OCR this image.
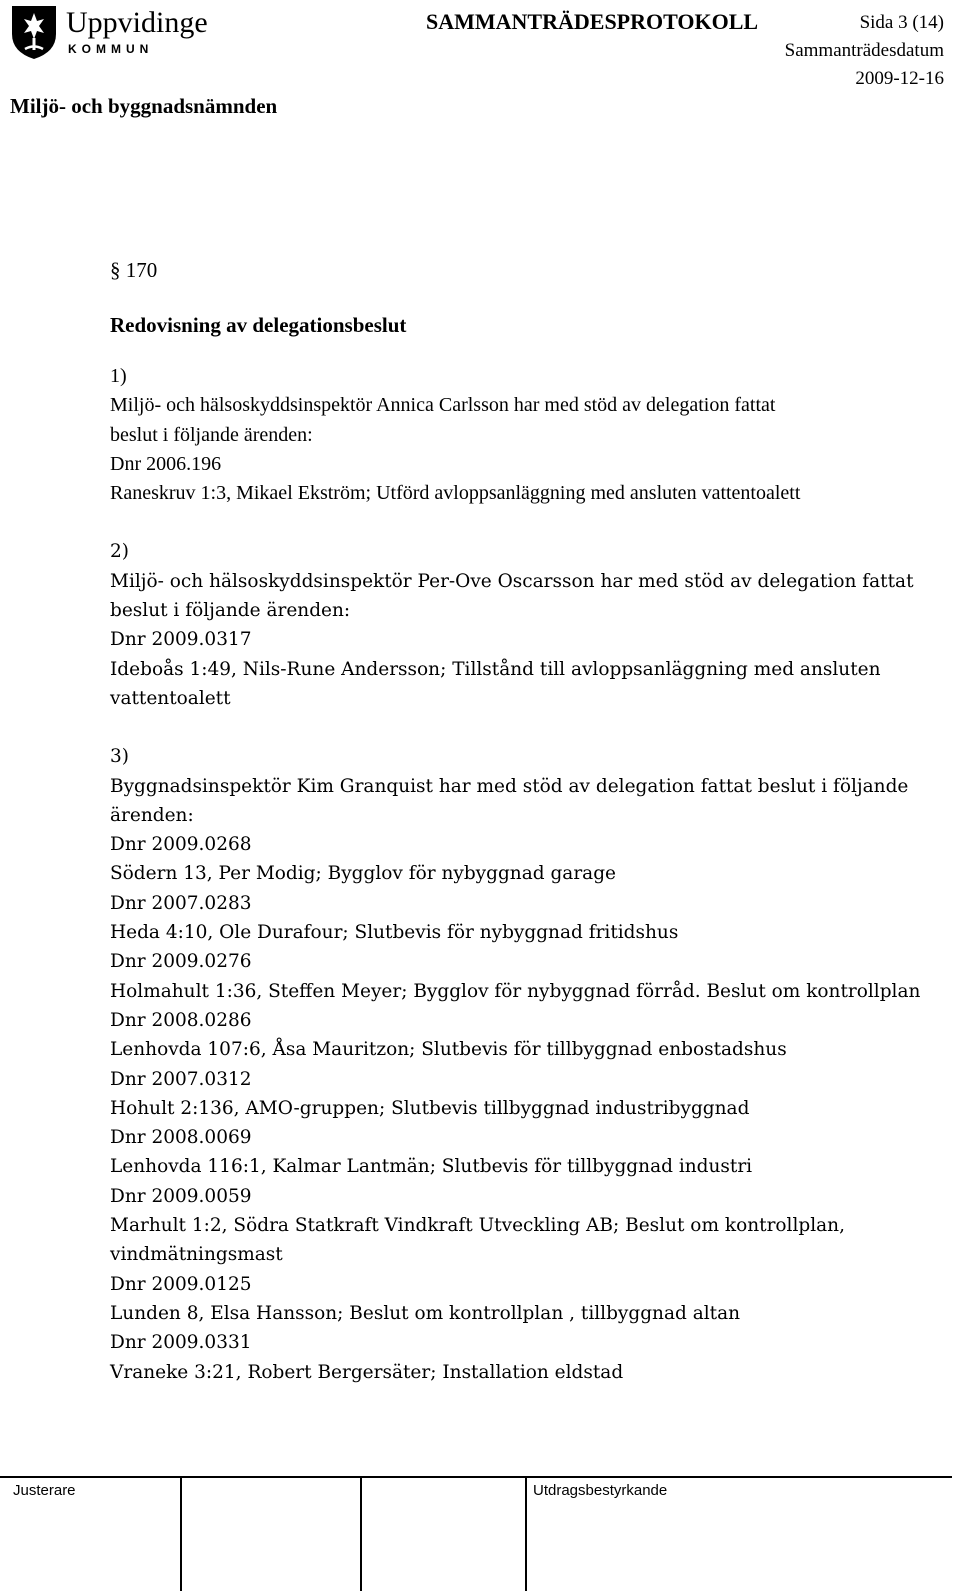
Uppvidinge
KOMMUN
SAMMANTRÄDESPROTOKOLL	Sida 3 (14)
Sammanträdesdatum
2009-12-16
Miljö- och byggnadsnämnden

§ 170

Redovisning av delegationsbeslut

1)

Miljö- och hälsoskyddsinspektör Annica Carlsson har med stöd av delegation fattat

beslut i följande ärenden:

Dnr 2006.196

Raneskruv 1:3, Mikael Ekström; Utförd avloppsanläggning med ansluten vattentoalett

2)

Miljö- och hälsoskyddsinspektör Per-Ove Oscarsson har med stöd av delegation fattat

beslut i följande ärenden:

Dnr 2009.0317

Ideboås 1:49, Nils-Rune Andersson; Tillstånd till avloppsanläggning med ansluten

vattentoalett

3)

Byggnadsinspektör Kim Granquist har med stöd av delegation fattat beslut i följande

ärenden:

Dnr 2009.0268

Södern 13, Per Modig; Bygglov för nybyggnad garage

Dnr 2007.0283

Heda 4:10, Ole Durafour; Slutbevis för nybyggnad fritidshus

Dnr 2009.0276

Holmahult 1:36, Steffen Meyer; Bygglov för nybyggnad förråd. Beslut om kontrollplan

Dnr 2008.0286

Lenhovda 107:6, Åsa Mauritzon; Slutbevis för tillbyggnad enbostadshus

Dnr 2007.0312

Hohult 2:136, AMO-gruppen; Slutbevis tillbyggnad industribyggnad

Dnr 2008.0069

Lenhovda 116:1, Kalmar Lantmän; Slutbevis för tillbyggnad industri

Dnr 2009.0059

Marhult 1:2, Södra Statkraft Vindkraft Utveckling AB; Beslut om kontrollplan,

vindmätningsmast

Dnr 2009.0125

Lunden 8, Elsa Hansson; Beslut om kontrollplan , tillbyggnad altan

Dnr 2009.0331

Vraneke 3:21, Robert Bergersäter; Installation eldstad

Justerare	Utdragsbestyrkande
